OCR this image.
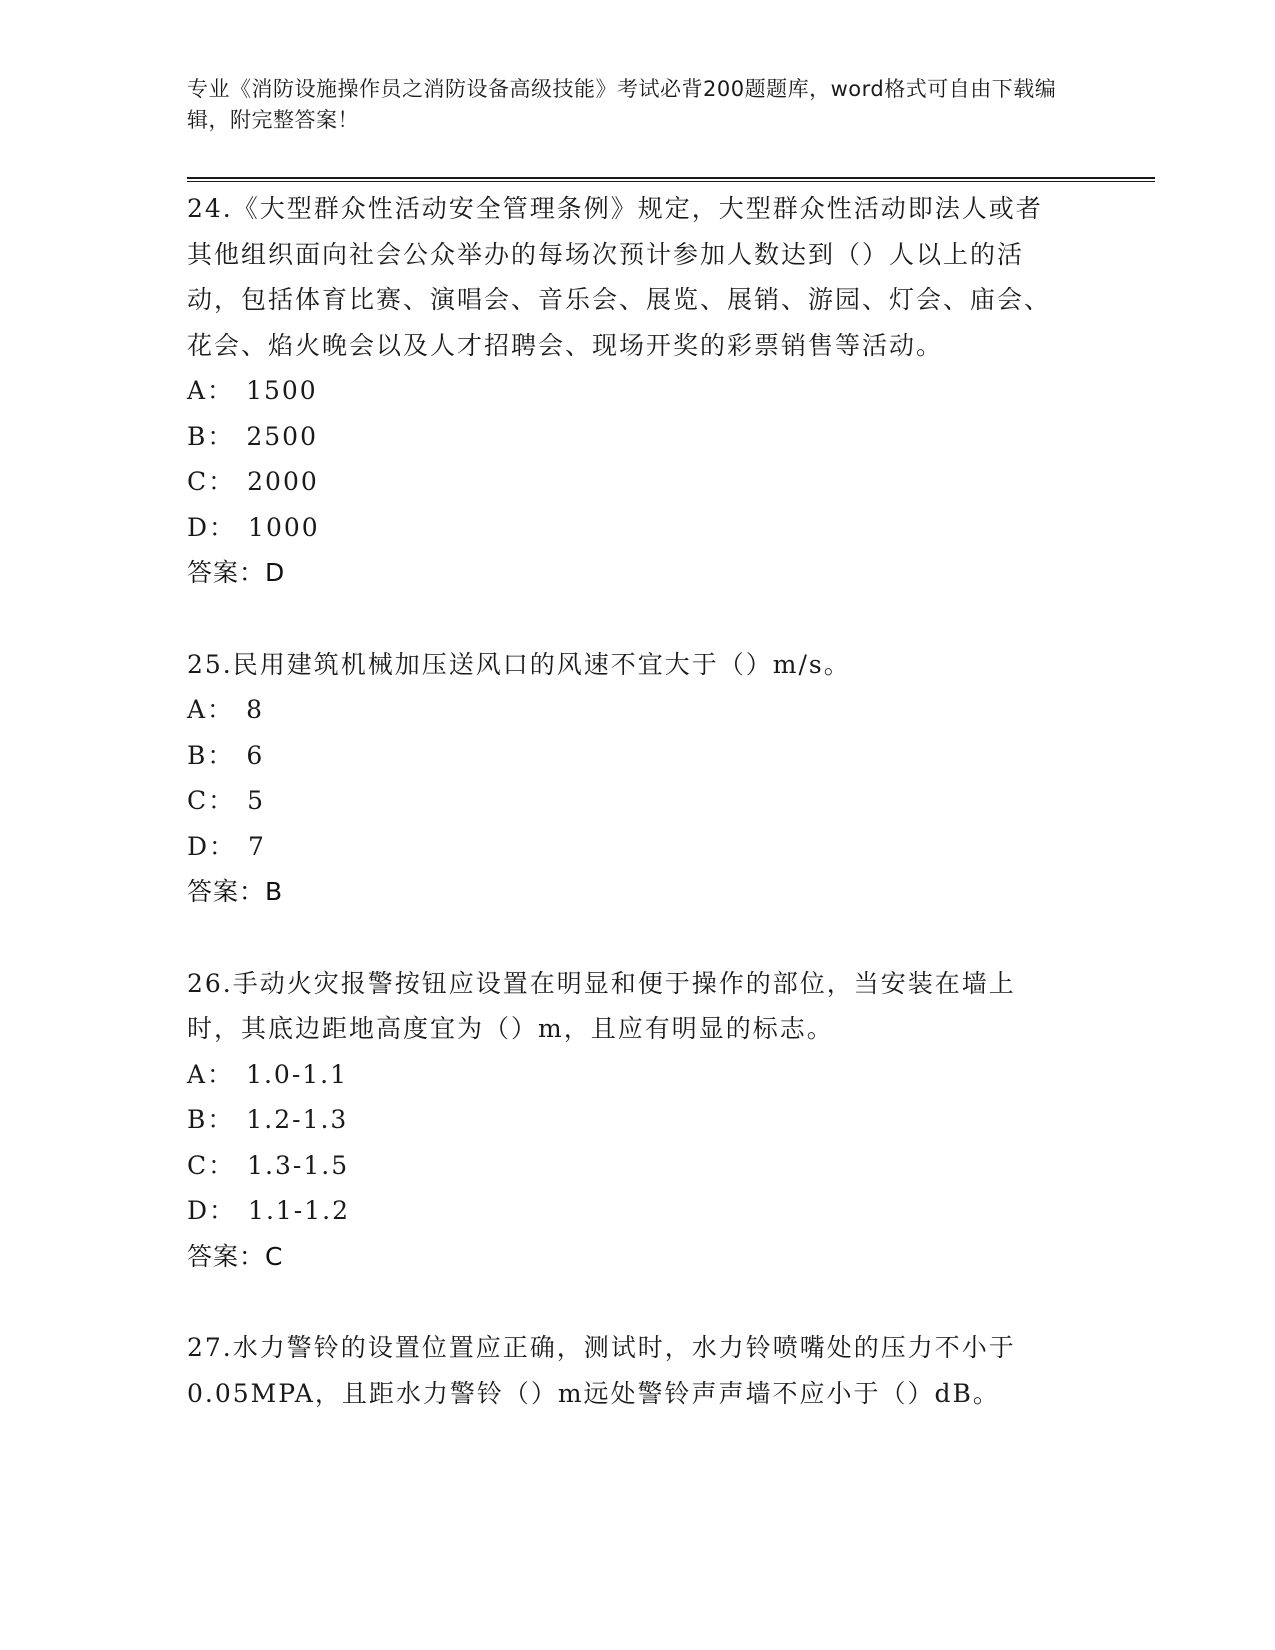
专业《消防设施操作员之消防设备高级技能》考试必背200题题库，word格式可自由下载编辑，附完整答案！

24.《大型群众性活动安全管理条例》规定，大型群众性活动即法人或者其他组织面向社会公众举办的每场次预计参加人数达到（）人以上的活动，包括体育比赛、演唱会、音乐会、展览、展销、游园、灯会、庙会、花会、焰火晚会以及人才招聘会、现场开奖的彩票销售等活动。

A： 1500

B： 2500

C： 2000

D： 1000

答案：D

25.民用建筑机械加压送风口的风速不宜大于（）m/s。

A： 8

B： 6

C： 5

D： 7

答案：B

26.手动火灾报警按钮应设置在明显和便于操作的部位，当安装在墙上时，其底边距地高度宜为（）m，且应有明显的标志。

A： 1.0-1.1

B： 1.2-1.3

C： 1.3-1.5

D： 1.1-1.2

答案：C

27.水力警铃的设置位置应正确，测试时，水力铃喷嘴处的压力不小于0.05MPA，且距水力警铃（）m远处警铃声声墙不应小于（）dB。
